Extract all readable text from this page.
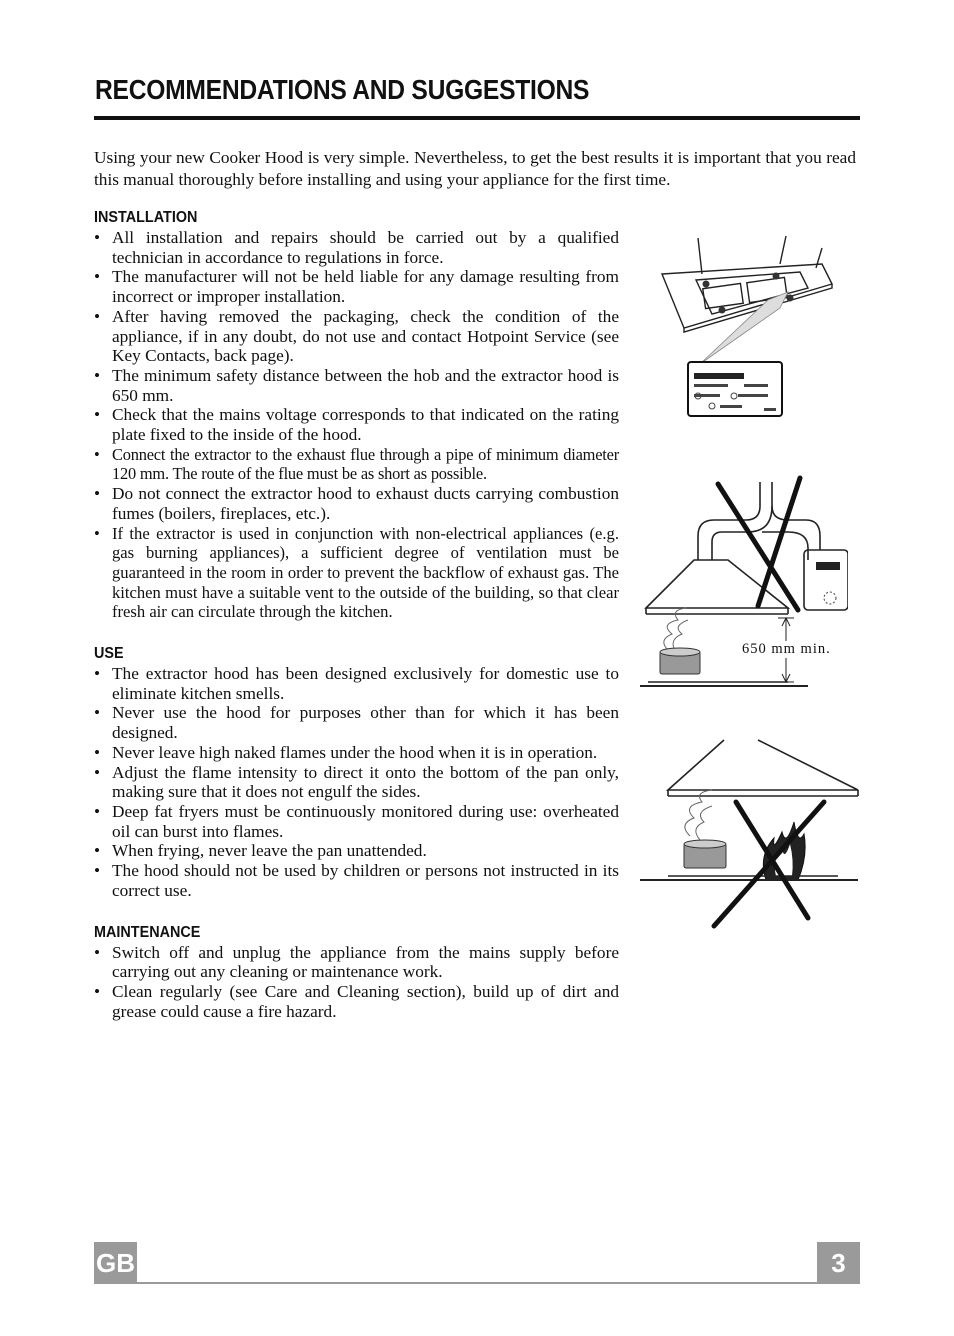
RECOMMENDATIONS AND SUGGESTIONS

Using your new Cooker Hood is very simple. Nevertheless, to get the best results it is important that you read this manual thoroughly before installing and using your appliance for the first time.

INSTALLATION
• All installation and repairs should be carried out by a qualified technician in accordance to regulations in force.
• The manufacturer will not be held liable for any damage resulting from incorrect or improper installation.
• After having removed the packaging, check the condition of the appliance, if in any doubt, do not use and contact Hotpoint Service (see Key Contacts, back page).
• The minimum safety distance between the hob and the extractor hood is 650 mm.
• Check that the mains voltage corresponds to that indicated on the rating plate fixed to the inside of the hood.
• Connect the extractor to the exhaust flue through a pipe of minimum diameter 120 mm. The route of the flue must be as short as possible.
• Do not connect the extractor hood to exhaust ducts carrying combustion fumes (boilers, fireplaces, etc.).
• If the extractor is used in conjunction with non-electrical appliances (e.g. gas burning appliances), a sufficient degree of ventilation must be guaranteed in the room in order to prevent the backflow of exhaust gas. The kitchen must have a suitable vent to the outside of the building, so that clear fresh air can circulate through the kitchen.
USE
• The extractor hood has been designed exclusively for domestic use to eliminate kitchen smells.
• Never use the hood for purposes other than for which it has been designed.
• Never leave high naked flames under the hood when it is in operation.
• Adjust the flame intensity to direct it onto the bottom of the pan only, making sure that it does not engulf the sides.
• Deep fat fryers must be continuously monitored during use: overheated oil can burst into flames.
• When frying, never leave the pan unattended.
• The hood should not be used by children or persons not instructed in its correct use.
MAINTENANCE
• Switch off and unplug the appliance from the mains supply before carrying out any cleaning or maintenance work.
• Clean regularly (see Care and Cleaning section), build up of dirt and grease could cause a fire hazard.
650 mm min.
GB	3
